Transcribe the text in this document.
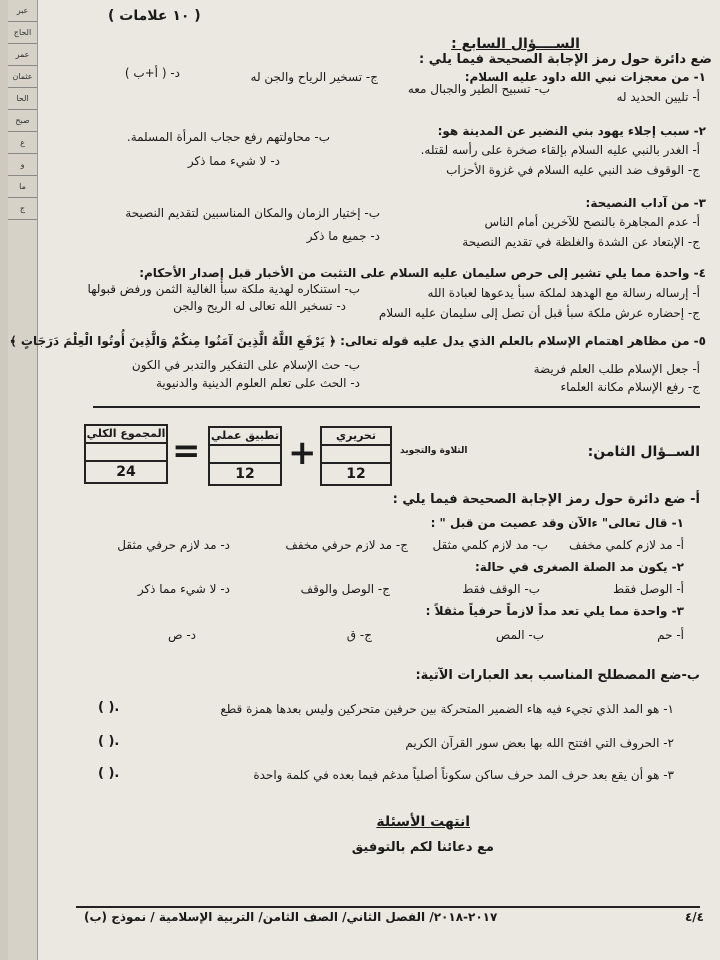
عبر
الحاج
عمر
عثمان
الحا
صبح
ع
و
ما
ج
( ١٠ علامات )
الســــؤال السابع :
ضع دائرة حول رمز الإجابة الصحيحة فيما يلي :
١- من معجزات نبي الله داود عليه السلام:
أ- تليين الحديد له
ب- تسبيح الطير والجبال معه
ج- تسخير الرياح والجن له
د- ( أ+ب )
٢- سبب إجلاء يهود بني النضير عن المدينة هو:
أ- الغدر بالنبي عليه السلام بإلقاء صخرة على رأسه لقتله.
ب- محاولتهم رفع حجاب المرأة المسلمة.
ج- الوقوف ضد النبي عليه السلام في غزوة الأحزاب
د- لا شيء مما ذكر
٣- من آداب النصيحة:
أ- عدم المجاهرة بالنصح للآخرين أمام الناس
ب- إختيار الزمان والمكان المناسبين لتقديم النصيحة
ج- الإبتعاد عن الشدة والغلظة في تقديم النصيحة
د- جميع ما ذكر
٤- واحدة مما يلي تشير إلى حرص سليمان عليه السلام على التثبت من الأخبار قبل إصدار الأحكام:
أ- إرساله رسالة مع الهدهد لملكة سبأ يدعوها لعبادة الله
ب- استنكاره لهدية ملكة سبأ الغالية الثمن ورفض قبولها
ج- إحضاره عرش ملكة سبأ قبل أن تصل إلى سليمان عليه السلام
د- تسخير الله تعالى له الريح والجن
٥- من مظاهر اهتمام الإسلام بالعلم الذي يدل عليه قوله تعالى: ﴿ يَرْفَعِ اللَّهُ الَّذِينَ آمَنُوا مِنكُمْ وَالَّذِينَ أُوتُوا الْعِلْمَ دَرَجَاتٍ ﴾
أ- جعل الإسلام طلب العلم فريضة
ب- حث الإسلام على التفكير والتدبر في الكون
ج- رفع الإسلام مكانة العلماء
د- الحث على تعلم العلوم الدينية والدنيوية
تحريري
12
+
تطبيق عملي
12
=
المجموع الكلي
24
التلاوة والتجويد	الســؤال الثامن:
أ- ضع دائرة حول رمز الإجابة الصحيحة فيما يلي :
١- قال تعالى" ءالآن وقد عصيت من قبل " :
أ- مد لازم كلمي مخفف
ب- مد لازم كلمي مثقل
ج- مد لازم حرفي مخفف
د- مد لازم حرفي مثقل
٢- يكون مد الصلة الصغرى في حالة:
أ- الوصل فقط
ب- الوقف فقط
ج- الوصل والوقف
د- لا شيء مما ذكر
٣- واحدة مما يلي تعد مداً لازماً حرفياً مثقلاً :
أ- حم
ب- المص
ج- ق
د- ص
ب-ضع المصطلح المناسب بعد العبارات الآتية:
١- هو المد الذي تجيء فيه هاء الضمير المتحركة بين حرفين متحركين وليس بعدها همزة قطع
( ).
٢- الحروف التي افتتح الله بها بعض سور القرآن الكريم
( ).
٣- هو أن يقع بعد حرف المد حرف ساكن سكوناً أصلياً مدغم فيما بعده في كلمة واحدة
( ).
انتهت الأسئلة
مع دعائنا لكم بالتوفيق
٢٠١٧-٢٠١٨/ الفصل الثاني/ الصف الثامن/ التربية الإسلامية / نموذج (ب)	٤/٤
